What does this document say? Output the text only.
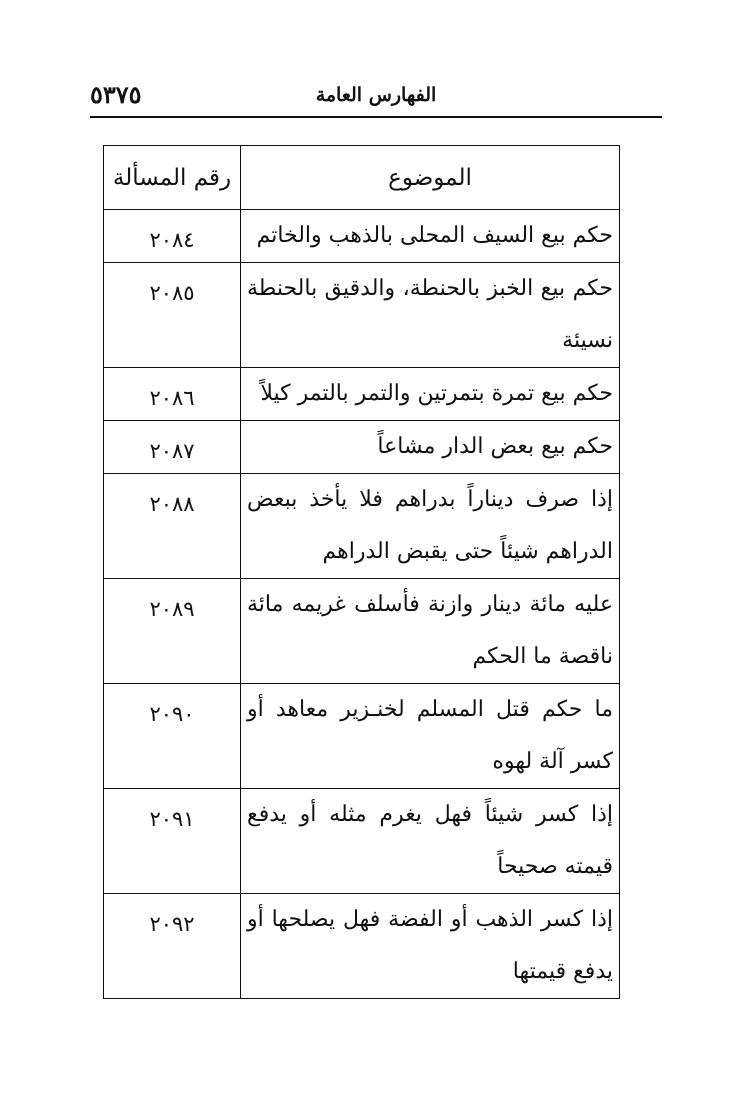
٥٣٧٥	الفهارس العامة
الموضوع	رقم المسألة
حكم بيع السيف المحلى بالذهب والخاتم	٢٠٨٤
حكم بيع الخبز بالحنطة، والدقيق بالحنطة نسيئة	٢٠٨٥
حكم بيع تمرة بتمرتين والتمر بالتمر كيلاً	٢٠٨٦
حكم بيع بعض الدار مشاعاً	٢٠٨٧
إذا صرف ديناراً بدراهم فلا يأخذ ببعض الدراهم شيئاً حتى يقبض الدراهم	٢٠٨٨
عليه مائة دينار وازنة فأسلف غريمه مائة ناقصة ما الحكم	٢٠٨٩
ما حكم قتل المسلم لخنـزير معاهد أو كسر آلة لهوه	٢٠٩٠
إذا كسر شيئاً فهل يغرم مثله أو يدفع قيمته صحيحاً	٢٠٩١
إذا كسر الذهب أو الفضة فهل يصلحها أو يدفع قيمتها	٢٠٩٢
